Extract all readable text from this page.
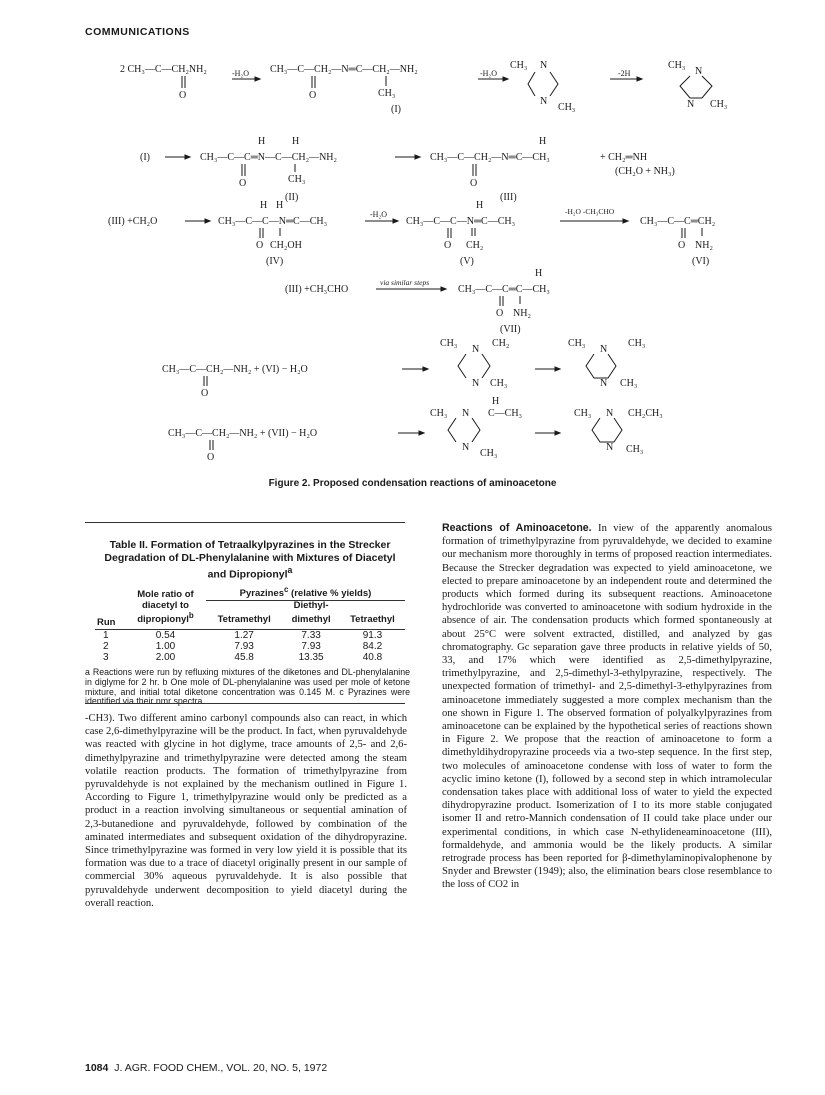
COMMUNICATIONS
2 CH₃—C—CH₂NH₂
O
-H₂O CH₃—C—CH₂—N═C—CH₂—NH₂
O	CH₃
(I)
-H₂O
CH₃ N
N
CH₃
-2H
CH₃
N
N CH₃
(I)
H	H
CH₃—C—C═N—C—CH₂—NH₂
O	CH₃
(II)
H
CH₃—C—CH₂—N═C—CH₃
O
(III)
+ CH₂═NH
(CH₂O + NH₃)
(III) +CH₂O
H H
CH₃—C—C—N═C—CH₃
O CH₂OH
(IV)
-H₂O
H
CH₃—C—C—N═C—CH₃
O CH₂
(V)
-H₂O -CH₃CHO
CH₃—C—C═CH₂
O NH₂
(VI)
(III) +CH₃CHO
via similar steps
H
CH₃—C—C═C—CH₃
O NH₂
(VII)
CH₃—C—CH₂—NH₂ + (VI) − H₂O
O
CH₃
N
CH₂
N CH₃
CH₃
N
CH₃
N CH₃
CH₃—C—CH₂—NH₂ + (VII) − H₂O
O
H
CH₃ N C—CH₃
N
CH₃
CH₃ N CH₂CH₃
N CH₃
Figure 2. Proposed condensation reactions of aminoacetone
Table II. Formation of Tetraalkylpyrazines in the Strecker
Degradation of DL-Phenylalanine with Mixtures of Diacetyl
and Dipropionyl$^a$
Run	Mole ratio of	Pyrazines$^c$ (relative % yields)		
	diacetyl to		Diethyl-	
	dipropionyl$^b$	Tetramethyl	dimethyl	Tetraethyl
1	0.54	1.27	7.33	91.3
2	1.00	7.93	7.93	84.2
3	2.00	45.8	13.35	40.8
a Reactions were run by refluxing mixtures of the diketones and DL-phenylalanine in diglyme for 2 hr. b One mole of DL-phenylalanine was used per mole of ketone mixture, and initial total diketone concentration was 0.145 M. c Pyrazines were identified via their nmr spectra.

-CH3). Two different amino carbonyl compounds also can react, in which case 2,6-dimethylpyrazine will be the product. In fact, when pyruvaldehyde was reacted with glycine in hot diglyme, trace amounts of 2,5- and 2,6-dimethylpyrazine and trimethylpyrazine were detected among the steam volatile reaction products. The formation of trimethylpyrazine from pyruvaldehyde is not explained by the mechanism outlined in Figure 1. According to Figure 1, trimethylpyrazine would only be predicted as a product in a reaction involving simultaneous or sequential amination of 2,3-butanedione and pyruvaldehyde, followed by combination of the aminated intermediates and subsequent oxidation of the dihydropyrazine. Since trimethylpyrazine was formed in very low yield it is possible that its formation was due to a trace of diacetyl originally present in our sample of commercial 30% aqueous pyruvaldehyde. It is also possible that pyruvaldehyde underwent decomposition to yield diacetyl during the overall reaction.

Reactions of Aminoacetone. In view of the apparently anomalous formation of trimethylpyrazine from pyruvaldehyde, we decided to examine our mechanism more thoroughly in terms of proposed reaction intermediates. Because the Strecker degradation was expected to yield aminoacetone, we elected to prepare aminoacetone by an independent route and determined the products which formed during its subsequent reactions. Aminoacetone hydrochloride was converted to aminoacetone with sodium hydroxide in the absence of air. The condensation products which formed spontaneously at about 25°C were solvent extracted, distilled, and analyzed by gas chromatography. Gc separation gave three products in relative yields of 50, 33, and 17% which were identified as 2,5-dimethylpyrazine, trimethylpyrazine, and 2,5-dimethyl-3-ethylpyrazine, respectively. The unexpected formation of trimethyl- and 2,5-dimethyl-3-ethylpyrazines from aminoacetone immediately suggested a more complex mechanism than the one shown in Figure 1. The observed formation of polyalkylpyrazines from aminoacetone can be explained by the hypothetical series of reactions shown in Figure 2. We propose that the reaction of aminoacetone to form a dimethyldihydropyrazine proceeds via a two-step sequence. In the first step, two molecules of aminoacetone condense with loss of water to form the acyclic imino ketone (I), followed by a second step in which intramolecular condensation takes place with additional loss of water to yield the expected dihydropyrazine product. Isomerization of I to its more stable conjugated isomer II and retro-Mannich condensation of II could take place under our experimental conditions, in which case N-ethylideneaminoacetone (III), formaldehyde, and ammonia would be the likely products. A similar retrograde process has been reported for β-dimethylaminopivalophenone by Snyder and Brewster (1949); also, the elimination bears close resemblance to the loss of CO2 in

1084 J. AGR. FOOD CHEM., VOL. 20, NO. 5, 1972
